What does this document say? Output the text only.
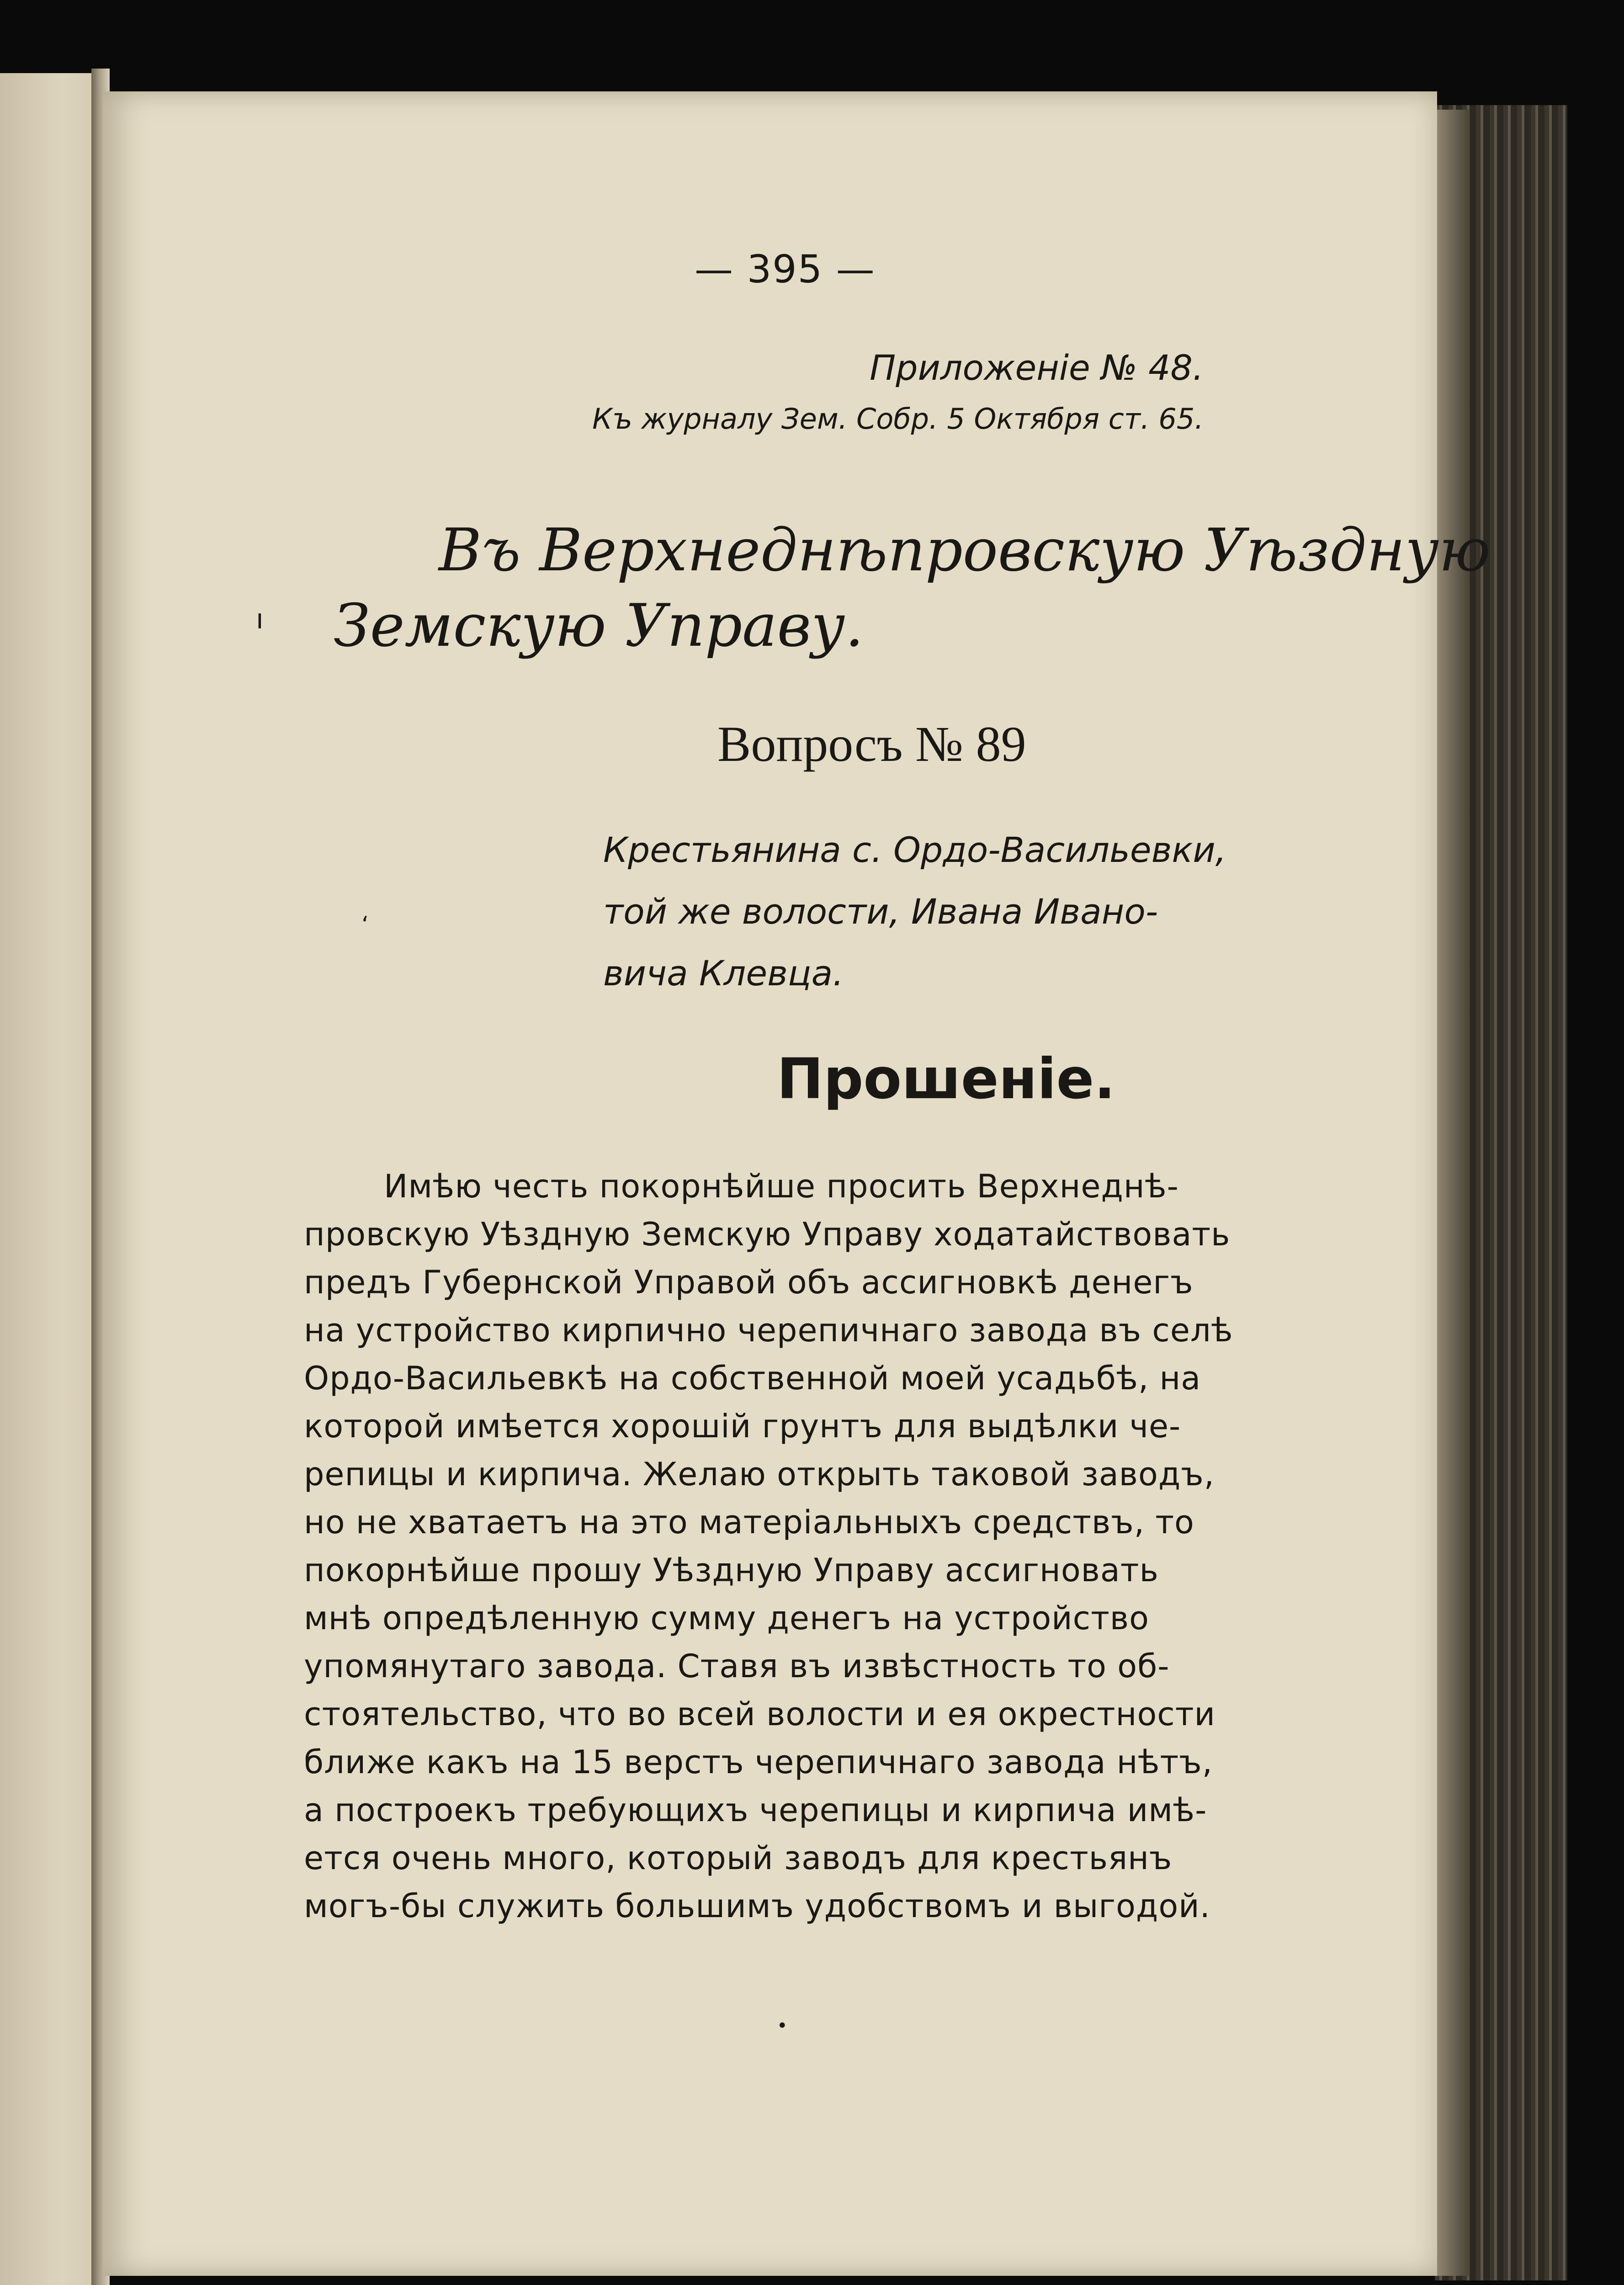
— 395 —
Приложенiе № 48.
Къ журналу Зем. Собр. 5 Октября ст. 65.
Въ Верхнеднѣпровскую Уѣздную
Земскую Управу.
Вопросъ № 89
Крестьянина с. Ордо-Васильевки,
той же волости, Ивана Ивано-
вича Клевца.
Прошенiе.
Имѣю честь покорнѣйше просить Верхнеднѣ-
провскую Уѣздную Земскую Управу ходатайствовать
предъ Губернской Управой объ ассигновкѣ денегъ
на устройство кирпично черепичнаго завода въ селѣ
Ордо-Васильевкѣ на собственной моей усадьбѣ, на
которой имѣется хорошiй грунтъ для выдѣлки че-
репицы и кирпича. Желаю открыть таковой заводъ,
но не хватаетъ на это матерiальныхъ средствъ, то
покорнѣйше прошу Уѣздную Управу ассигновать
мнѣ опредѣленную сумму денегъ на устройство
упомянутаго завода. Ставя въ извѣстность то об-
стоятельство, что во всей волости и ея окрестности
ближе какъ на 15 верстъ черепичнаго завода нѣтъ,
а построекъ требующихъ черепицы и кирпича имѣ-
ется очень много, который заводъ для крестьянъ
могъ-бы служить большимъ удобствомъ и выгодой.
ı
،
•
